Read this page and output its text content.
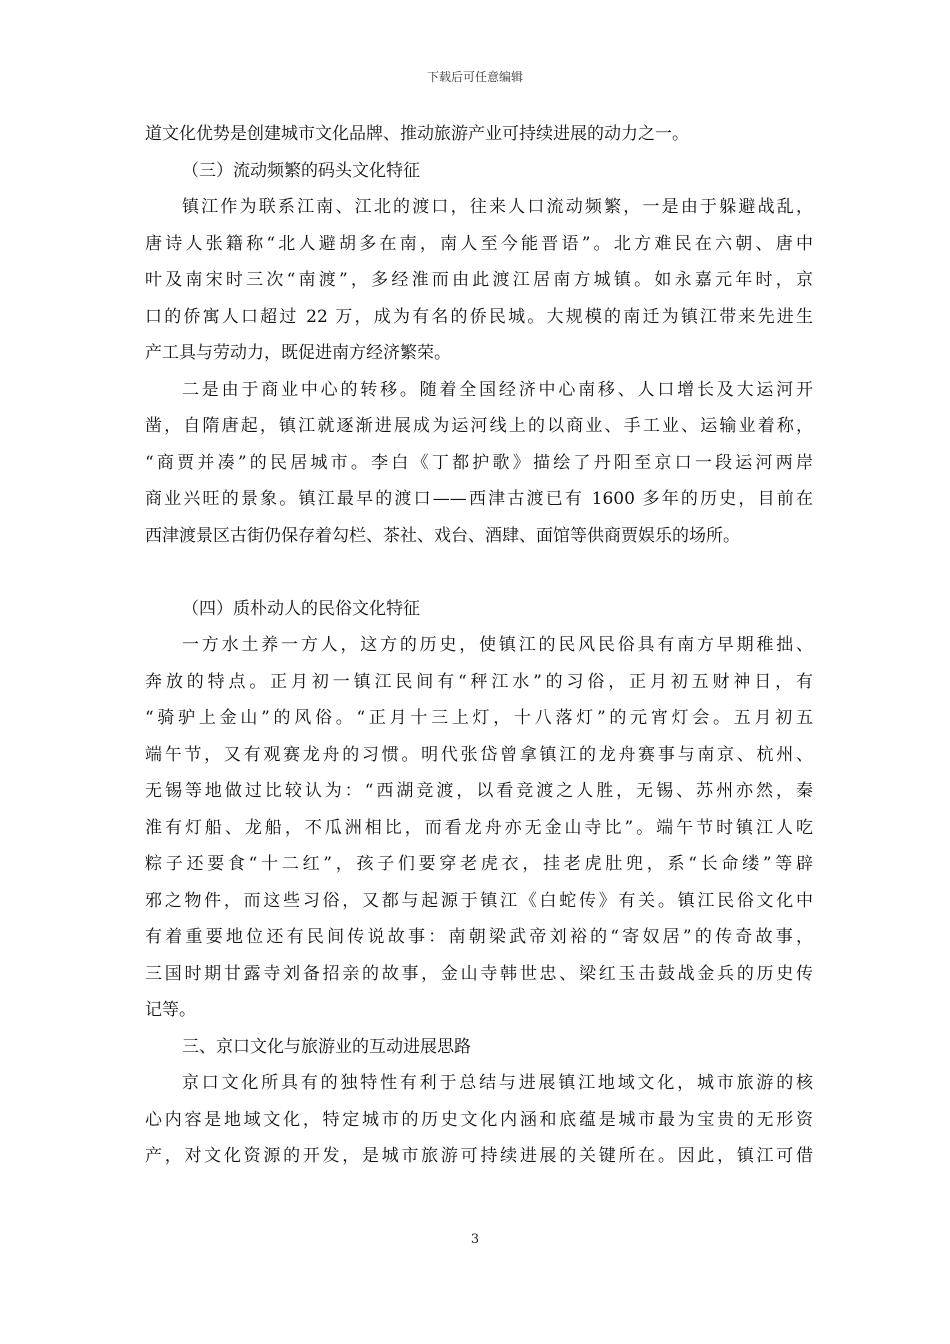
下载后可任意编辑
道文化优势是创建城市文化品牌、推动旅游产业可持续进展的动力之一。
（三）流动频繁的码头文化特征
镇江作为联系江南、江北的渡口，往来人口流动频繁，一是由于躲避战乱，
唐诗人张籍称“北人避胡多在南，南人至今能晋语”。北方难民在六朝、唐中
叶及南宋时三次“南渡”，多经淮而由此渡江居南方城镇。如永嘉元年时，京
口的侨寓人口超过 22 万，成为有名的侨民城。大规模的南迁为镇江带来先进生
产工具与劳动力，既促进南方经济繁荣。
二是由于商业中心的转移。随着全国经济中心南移、人口增长及大运河开
凿，自隋唐起，镇江就逐渐进展成为运河线上的以商业、手工业、运输业着称，
“商贾并凑”的民居城市。李白《丁都护歌》描绘了丹阳至京口一段运河两岸
商业兴旺的景象。镇江最早的渡口——西津古渡已有 1600 多年的历史，目前在
西津渡景区古街仍保存着勾栏、茶社、戏台、酒肆、面馆等供商贾娱乐的场所。
（四）质朴动人的民俗文化特征
一方水土养一方人，这方的历史，使镇江的民风民俗具有南方早期稚拙、
奔放的特点。正月初一镇江民间有“秤江水”的习俗，正月初五财神日，有
“骑驴上金山”的风俗。“正月十三上灯，十八落灯”的元宵灯会。五月初五
端午节，又有观赛龙舟的习惯。明代张岱曾拿镇江的龙舟赛事与南京、杭州、
无锡等地做过比较认为：“西湖竞渡，以看竞渡之人胜，无锡、苏州亦然，秦
淮有灯船、龙船，不瓜洲相比，而看龙舟亦无金山寺比”。端午节时镇江人吃
粽子还要食“十二红”，孩子们要穿老虎衣，挂老虎肚兜，系“长命缕”等辟
邪之物件，而这些习俗，又都与起源于镇江《白蛇传》有关。镇江民俗文化中
有着重要地位还有民间传说故事：南朝梁武帝刘裕的“寄奴居”的传奇故事，
三国时期甘露寺刘备招亲的故事，金山寺韩世忠、梁红玉击鼓战金兵的历史传
记等。
三、京口文化与旅游业的互动进展思路
京口文化所具有的独特性有利于总结与进展镇江地域文化，城市旅游的核
心内容是地域文化，特定城市的历史文化内涵和底蕴是城市最为宝贵的无形资
产，对文化资源的开发，是城市旅游可持续进展的关键所在。因此，镇江可借
3
